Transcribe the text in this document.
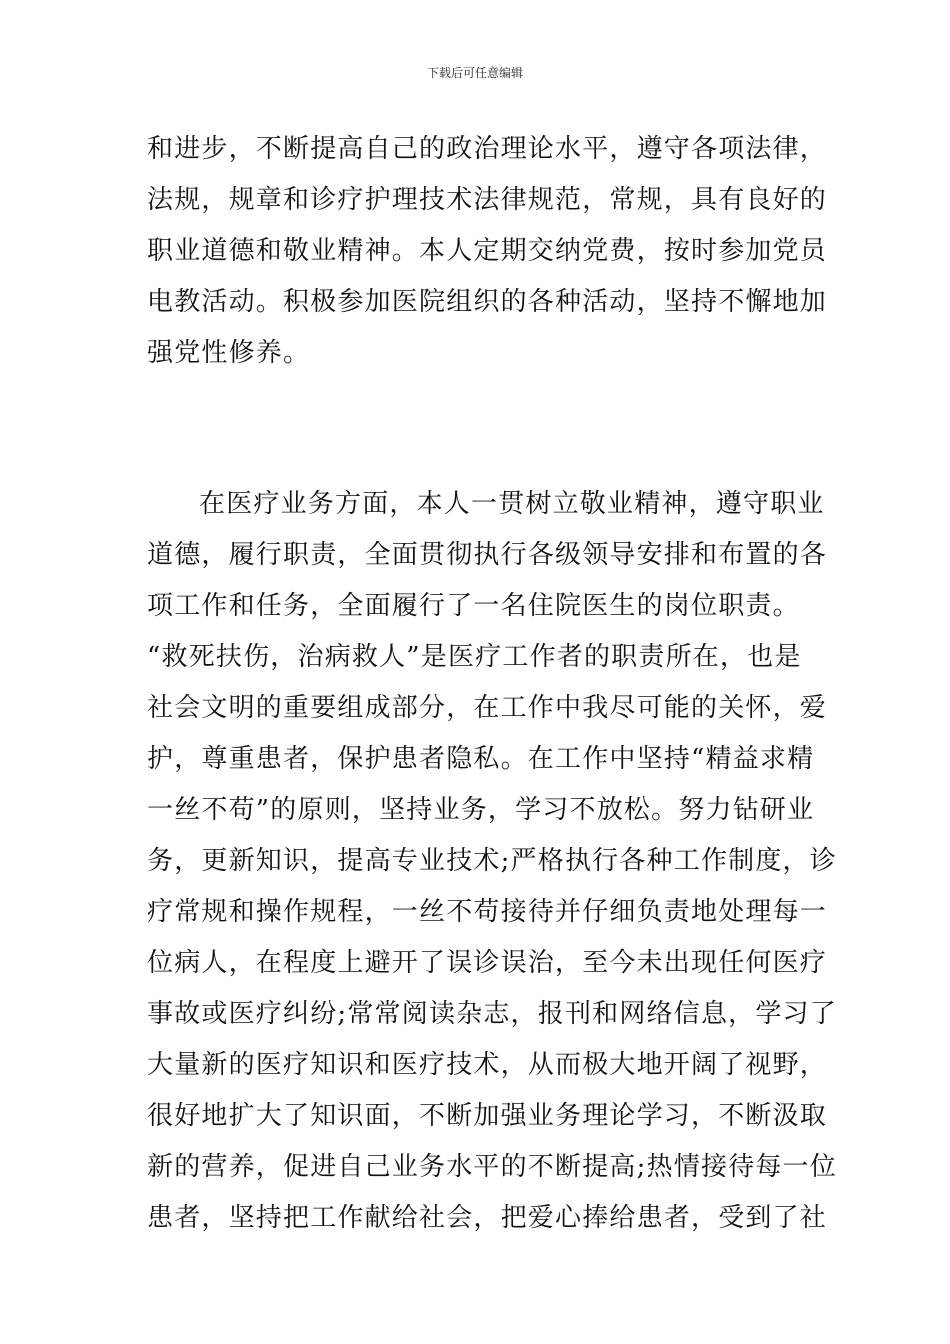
下载后可任意编辑

和进步，不断提高自己的政治理论水平，遵守各项法律，
法规，规章和诊疗护理技术法律规范，常规，具有良好的
职业道德和敬业精神。本人定期交纳党费，按时参加党员
电教活动。积极参加医院组织的各种活动，坚持不懈地加
强党性修养。

在医疗业务方面，本人一贯树立敬业精神，遵守职业
道德，履行职责，全面贯彻执行各级领导安排和布置的各
项工作和任务，全面履行了一名住院医生的岗位职责。
“救死扶伤，治病救人”是医疗工作者的职责所在，也是
社会文明的重要组成部分，在工作中我尽可能的关怀，爱
护，尊重患者，保护患者隐私。在工作中坚持“精益求精
一丝不苟”的原则，坚持业务，学习不放松。努力钻研业
务，更新知识，提高专业技术;严格执行各种工作制度，诊
疗常规和操作规程，一丝不苟接待并仔细负责地处理每一
位病人，在程度上避开了误诊误治，至今未出现任何医疗
事故或医疗纠纷;常常阅读杂志，报刊和网络信息，学习了
大量新的医疗知识和医疗技术，从而极大地开阔了视野，
很好地扩大了知识面，不断加强业务理论学习，不断汲取
新的营养，促进自己业务水平的不断提高;热情接待每一位
患者，坚持把工作献给社会，把爱心捧给患者，受到了社
